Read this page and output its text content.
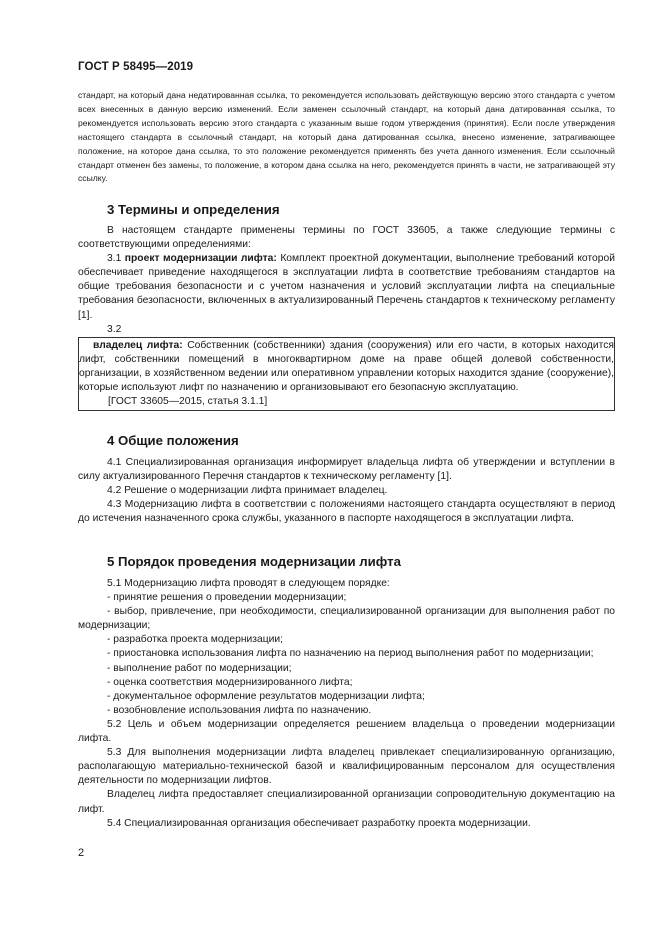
ГОСТ Р 58495—2019
стандарт, на который дана недатированная ссылка, то рекомендуется использовать действующую версию этого стандарта с учетом всех внесенных в данную версию изменений. Если заменен ссылочный стандарт, на который дана датированная ссылка, то рекомендуется использовать версию этого стандарта с указанным выше годом утверждения (принятия). Если после утверждения настоящего стандарта в ссылочный стандарт, на который дана датированная ссылка, внесено изменение, затрагивающее положение, на которое дана ссылка, то это положение рекомендуется применять без учета данного изменения. Если ссылочный стандарт отменен без замены, то положение, в котором дана ссылка на него, рекомендуется принять в части, не затрагивающей эту ссылку.
3 Термины и определения

В настоящем стандарте применены термины по ГОСТ 33605, а также следующие термины с соответствующими определениями:

3.1 проект модернизации лифта: Комплект проектной документации, выполнение требований которой обеспечивает приведение находящегося в эксплуатации лифта в соответствие требованиям стандартов на общие требования безопасности и с учетом назначения и условий эксплуатации лифта на специальные требования безопасности, включенных в актуализированный Перечень стандартов к техническому регламенту [1].

3.2

владелец лифта: Собственник (собственники) здания (сооружения) или его части, в которых находится лифт, собственники помещений в многоквартирном доме на праве общей долевой собственности, организации, в хозяйственном ведении или оперативном управлении которых находится здание (сооружение), которые используют лифт по назначению и организовывают его безопасную эксплуатацию.

[ГОСТ 33605—2015, статья 3.1.1]

4 Общие положения

4.1 Специализированная организация информирует владельца лифта об утверждении и вступлении в силу актуализированного Перечня стандартов к техническому регламенту [1].

4.2 Решение о модернизации лифта принимает владелец.

4.3 Модернизацию лифта в соответствии с положениями настоящего стандарта осуществляют в период до истечения назначенного срока службы, указанного в паспорте находящегося в эксплуатации лифта.

5 Порядок проведения модернизации лифта

5.1 Модернизацию лифта проводят в следующем порядке:

- принятие решения о проведении модернизации;
- выбор, привлечение, при необходимости, специализированной организации для выполнения работ по модернизации;
- разработка проекта модернизации;
- приостановка использования лифта по назначению на период выполнения работ по модернизации;
- выполнение работ по модернизации;
- оценка соответствия модернизированного лифта;
- документальное оформление результатов модернизации лифта;
- возобновление использования лифта по назначению.

5.2 Цель и объем модернизации определяется решением владельца о проведении модернизации лифта.

5.3 Для выполнения модернизации лифта владелец привлекает специализированную организацию, располагающую материально-технической базой и квалифицированным персоналом для осуществления деятельности по модернизации лифтов.

Владелец лифта предоставляет специализированной организации сопроводительную документацию на лифт.

5.4 Специализированная организация обеспечивает разработку проекта модернизации.

2
